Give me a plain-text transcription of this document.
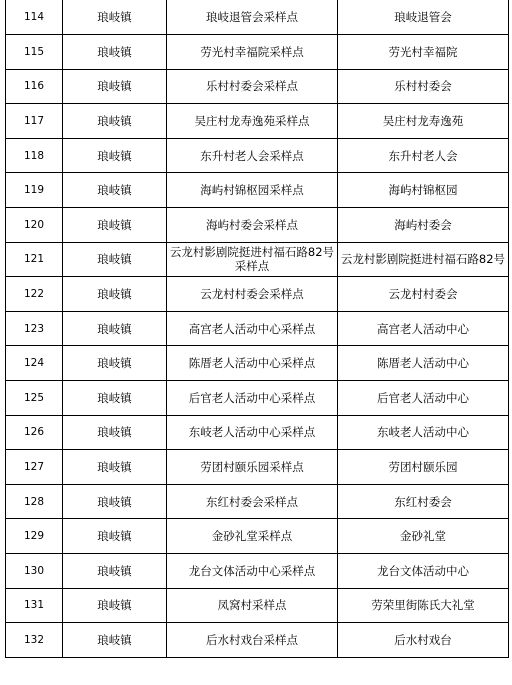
114	琅岐镇	琅岐退管会采样点	琅岐退管会
115	琅岐镇	劳光村幸福院采样点	劳光村幸福院
116	琅岐镇	乐村村委会采样点	乐村村委会
117	琅岐镇	吴庄村龙寿逸苑采样点	吴庄村龙寿逸苑
118	琅岐镇	东升村老人会采样点	东升村老人会
119	琅岐镇	海屿村锦枢园采样点	海屿村锦枢园
120	琅岐镇	海屿村委会采样点	海屿村委会
121	琅岐镇	云龙村影剧院挺进村福石路82号采样点	云龙村影剧院挺进村福石路82号
122	琅岐镇	云龙村村委会采样点	云龙村村委会
123	琅岐镇	高宫老人活动中心采样点	高宫老人活动中心
124	琅岐镇	陈厝老人活动中心采样点	陈厝老人活动中心
125	琅岐镇	后官老人活动中心采样点	后官老人活动中心
126	琅岐镇	东岐老人活动中心采样点	东岐老人活动中心
127	琅岐镇	劳团村颐乐园采样点	劳团村颐乐园
128	琅岐镇	东红村委会采样点	东红村委会
129	琅岐镇	金砂礼堂采样点	金砂礼堂
130	琅岐镇	龙台文体活动中心采样点	龙台文体活动中心
131	琅岐镇	凤窝村采样点	劳荣里街陈氏大礼堂
132	琅岐镇	后水村戏台采样点	后水村戏台
